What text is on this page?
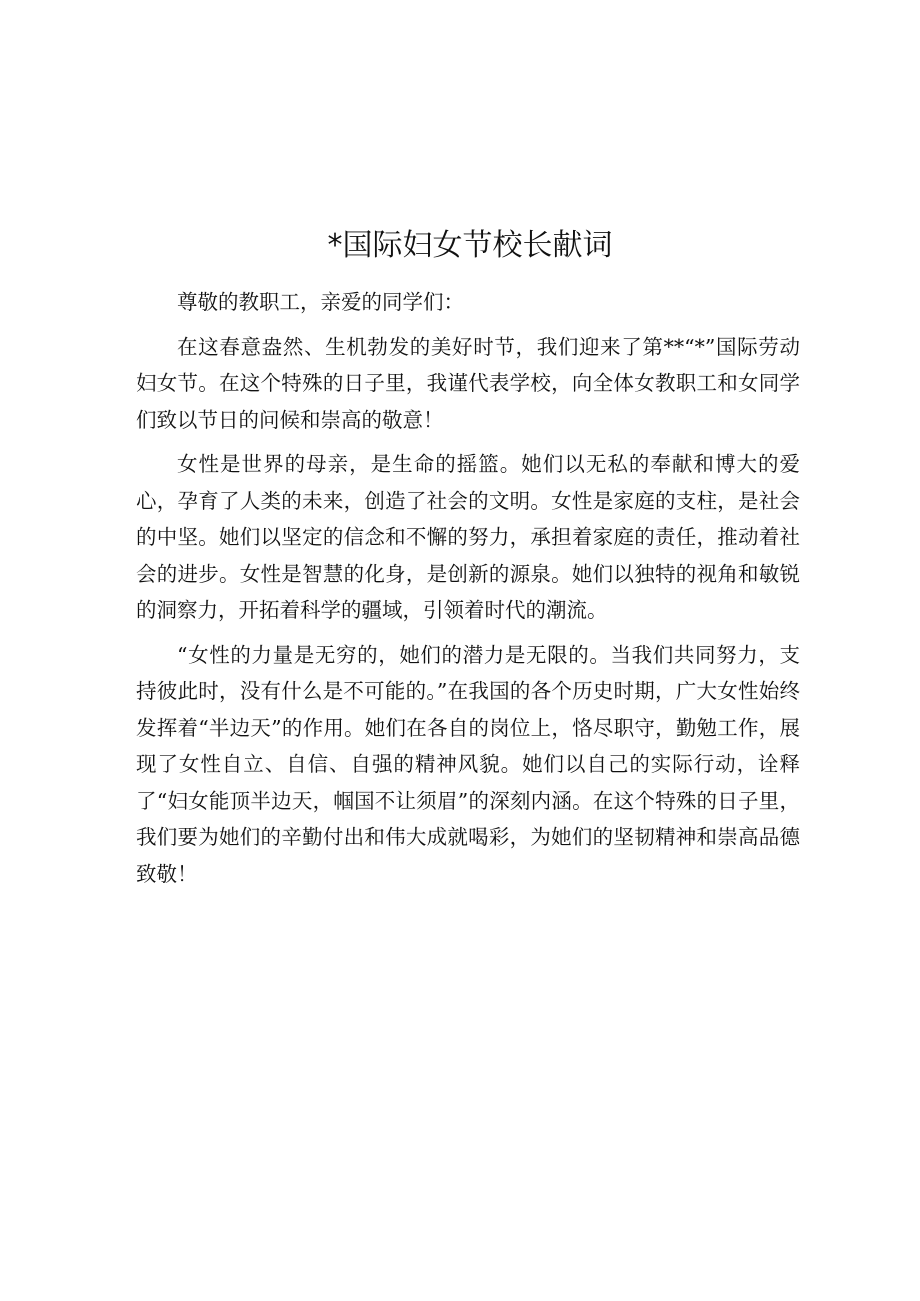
*国际妇女节校长献词

尊敬的教职工，亲爱的同学们：

在这春意盎然、生机勃发的美好时节，我们迎来了第**“*”国际劳动妇女节。在这个特殊的日子里，我谨代表学校，向全体女教职工和女同学们致以节日的问候和崇高的敬意！

女性是世界的母亲，是生命的摇篮。她们以无私的奉献和博大的爱心，孕育了人类的未来，创造了社会的文明。女性是家庭的支柱，是社会的中坚。她们以坚定的信念和不懈的努力，承担着家庭的责任，推动着社会的进步。女性是智慧的化身，是创新的源泉。她们以独特的视角和敏锐的洞察力，开拓着科学的疆域，引领着时代的潮流。

“女性的力量是无穷的，她们的潜力是无限的。当我们共同努力，支持彼此时，没有什么是不可能的。”在我国的各个历史时期，广大女性始终发挥着“半边天”的作用。她们在各自的岗位上，恪尽职守，勤勉工作，展现了女性自立、自信、自强的精神风貌。她们以自己的实际行动，诠释了“妇女能顶半边天，帼国不让须眉”的深刻内涵。在这个特殊的日子里，我们要为她们的辛勤付出和伟大成就喝彩，为她们的坚韧精神和崇高品德致敬！
